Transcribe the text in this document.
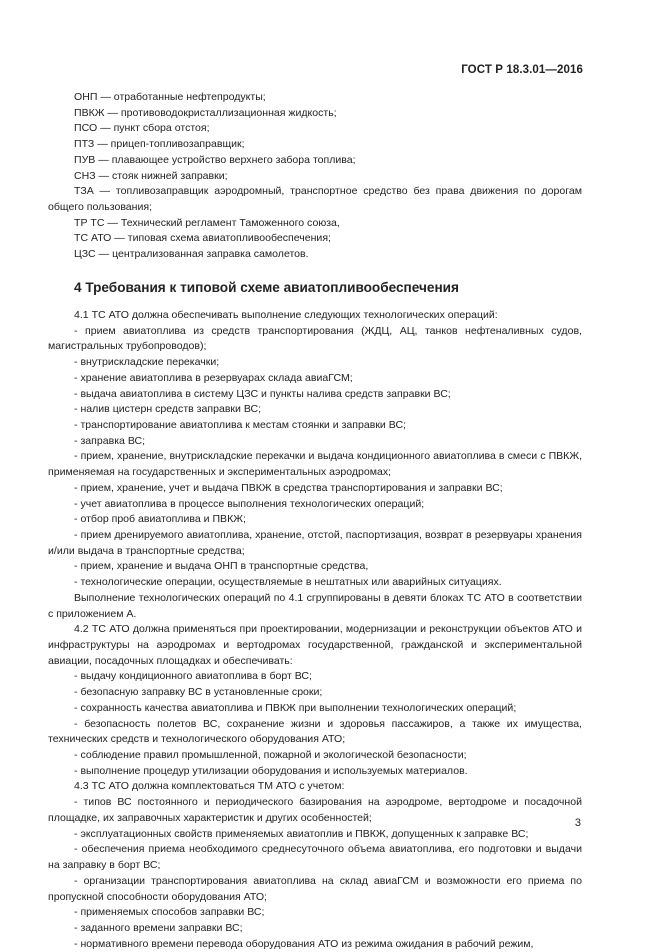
ГОСТ Р 18.3.01—2016

ОНП — отработанные нефтепродукты;

ПВКЖ — противоводокристаллизационная жидкость;

ПСО — пункт сбора отстоя;

ПТЗ — прицеп-топливозаправщик;

ПУВ — плавающее устройство верхнего забора топлива;

СНЗ — стояк нижней заправки;

ТЗА — топливозаправщик аэродромный, транспортное средство без права движения по дорогам общего пользования;

ТР ТС — Технический регламент Таможенного союза,

ТС АТО — типовая схема авиатопливообеспечения;

ЦЗС — централизованная заправка самолетов.

4 Требования к типовой схеме авиатопливообеспечения

4.1 ТС АТО должна обеспечивать выполнение следующих технологических операций:

- прием авиатоплива из средств транспортирования (ЖДЦ, АЦ, танков нефтеналивных судов, магистральных трубопроводов);

- внутрискладские перекачки;

- хранение авиатоплива в резервуарах склада авиаГСМ;

- выдача авиатоплива в систему ЦЗС и пункты налива средств заправки ВС;

- налив цистерн средств заправки ВС;

- транспортирование авиатоплива к местам стоянки и заправки ВС;

- заправка ВС;

- прием, хранение, внутрискладские перекачки и выдача кондиционного авиатоплива в смеси с ПВКЖ, применяемая на государственных и экспериментальных аэродромах;

- прием, хранение, учет и выдача ПВКЖ в средства транспортирования и заправки ВС;

- учет авиатоплива в процессе выполнения технологических операций;

- отбор проб авиатоплива и ПВКЖ;

- прием дренируемого авиатоплива, хранение, отстой, паспортизация, возврат в резервуары хранения и/или выдача в транспортные средства;

- прием, хранение и выдача ОНП в транспортные средства,

- технологические операции, осуществляемые в нештатных или аварийных ситуациях.

Выполнение технологических операций по 4.1 сгруппированы в девяти блоках ТС АТО в соответствии с приложением А.

4.2 ТС АТО должна применяться при проектировании, модернизации и реконструкции объектов АТО и инфраструктуры на аэродромах и вертодромах государственной, гражданской и экспериментальной авиации, посадочных площадках и обеспечивать:

- выдачу кондиционного авиатоплива в борт ВС;

- безопасную заправку ВС в установленные сроки;

- сохранность качества авиатоплива и ПВКЖ при выполнении технологических операций;

- безопасность полетов ВС, сохранение жизни и здоровья пассажиров, а также их имущества, технических средств и технологического оборудования АТО;

- соблюдение правил промышленной, пожарной и экологической безопасности;

- выполнение процедур утилизации оборудования и используемых материалов.

4.3 ТС АТО должна комплектоваться ТМ АТО с учетом:

- типов ВС постоянного и периодического базирования на аэродроме, вертодроме и посадочной площадке, их заправочных характеристик и других особенностей;

- эксплуатационных свойств применяемых авиатоплив и ПВКЖ, допущенных к заправке ВС;

- обеспечения приема необходимого среднесуточного объема авиатоплива, его подготовки и выдачи на заправку в борт ВС;

- организации транспортирования авиатоплива на склад авиаГСМ и возможности его приема по пропускной способности оборудования АТО;

- применяемых способов заправки ВС;

- заданного времени заправки ВС;

- нормативного времени перевода оборудования АТО из режима ожидания в рабочий режим,

3
